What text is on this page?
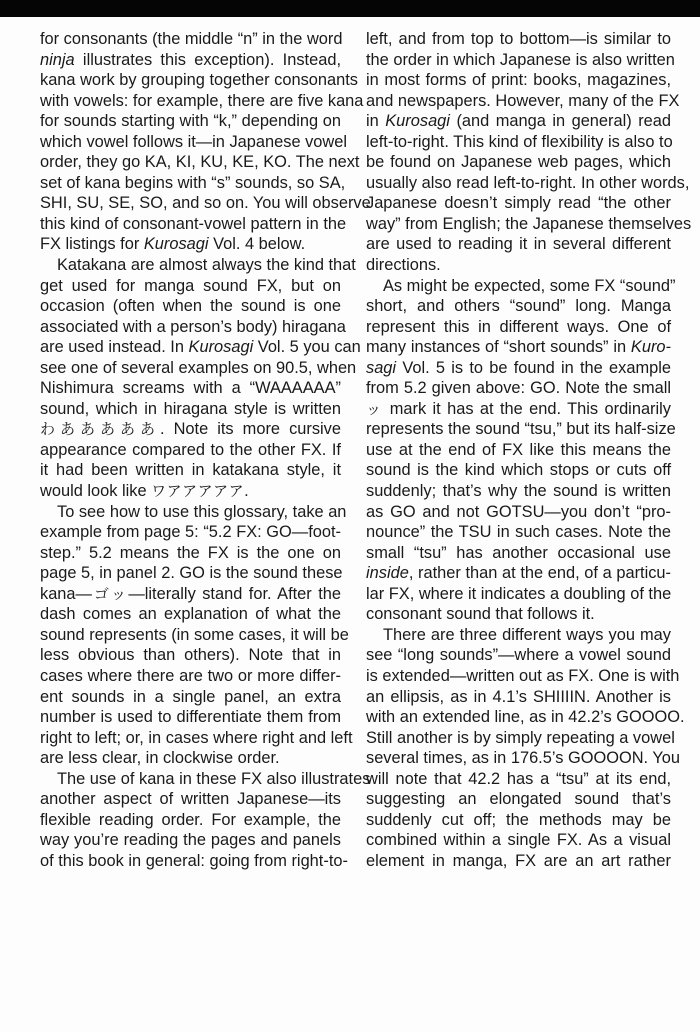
for consonants (the middle “n” in the word
ninja illustrates this exception). Instead,
kana work by grouping together consonants
with vowels: for example, there are five kana
for sounds starting with “k,” depending on
which vowel follows it—in Japanese vowel
order, they go KA, KI, KU, KE, KO. The next
set of kana begins with “s” sounds, so SA,
SHI, SU, SE, SO, and so on. You will observe
this kind of consonant-vowel pattern in the
FX listings for Kurosagi Vol. 4 below.
Katakana are almost always the kind that
get used for manga sound FX, but on
occasion (often when the sound is one
associated with a person’s body) hiragana
are used instead. In Kurosagi Vol. 5 you can
see one of several examples on 90.5, when
Nishimura screams with a “WAAAAAA”
sound, which in hiragana style is written
わあああああ. Note its more cursive
appearance compared to the other FX. If
it had been written in katakana style, it
would look like ワアアアアア.
To see how to use this glossary, take an
example from page 5: “5.2 FX: GO—foot-
step.” 5.2 means the FX is the one on
page 5, in panel 2. GO is the sound these
kana—ゴッ—literally stand for. After the
dash comes an explanation of what the
sound represents (in some cases, it will be
less obvious than others). Note that in
cases where there are two or more differ-
ent sounds in a single panel, an extra
number is used to differentiate them from
right to left; or, in cases where right and left
are less clear, in clockwise order.
The use of kana in these FX also illustrates
another aspect of written Japanese—its
flexible reading order. For example, the
way you’re reading the pages and panels
of this book in general: going from right-to-
left, and from top to bottom—is similar to
the order in which Japanese is also written
in most forms of print: books, magazines,
and newspapers. However, many of the FX
in Kurosagi (and manga in general) read
left-to-right. This kind of flexibility is also to
be found on Japanese web pages, which
usually also read left-to-right. In other words,
Japanese doesn’t simply read “the other
way” from English; the Japanese themselves
are used to reading it in several different
directions.
As might be expected, some FX “sound”
short, and others “sound” long. Manga
represent this in different ways. One of
many instances of “short sounds” in Kuro-
sagi Vol. 5 is to be found in the example
from 5.2 given above: GO. Note the small
ッ mark it has at the end. This ordinarily
represents the sound “tsu,” but its half-size
use at the end of FX like this means the
sound is the kind which stops or cuts off
suddenly; that’s why the sound is written
as GO and not GOTSU—you don’t “pro-
nounce” the TSU in such cases. Note the
small “tsu” has another occasional use
inside, rather than at the end, of a particu-
lar FX, where it indicates a doubling of the
consonant sound that follows it.
There are three different ways you may
see “long sounds”—where a vowel sound
is extended—written out as FX. One is with
an ellipsis, as in 4.1’s SHIIIIN. Another is
with an extended line, as in 42.2’s GOOOO.
Still another is by simply repeating a vowel
several times, as in 176.5’s GOOOON. You
will note that 42.2 has a “tsu” at its end,
suggesting an elongated sound that’s
suddenly cut off; the methods may be
combined within a single FX. As a visual
element in manga, FX are an art rather
